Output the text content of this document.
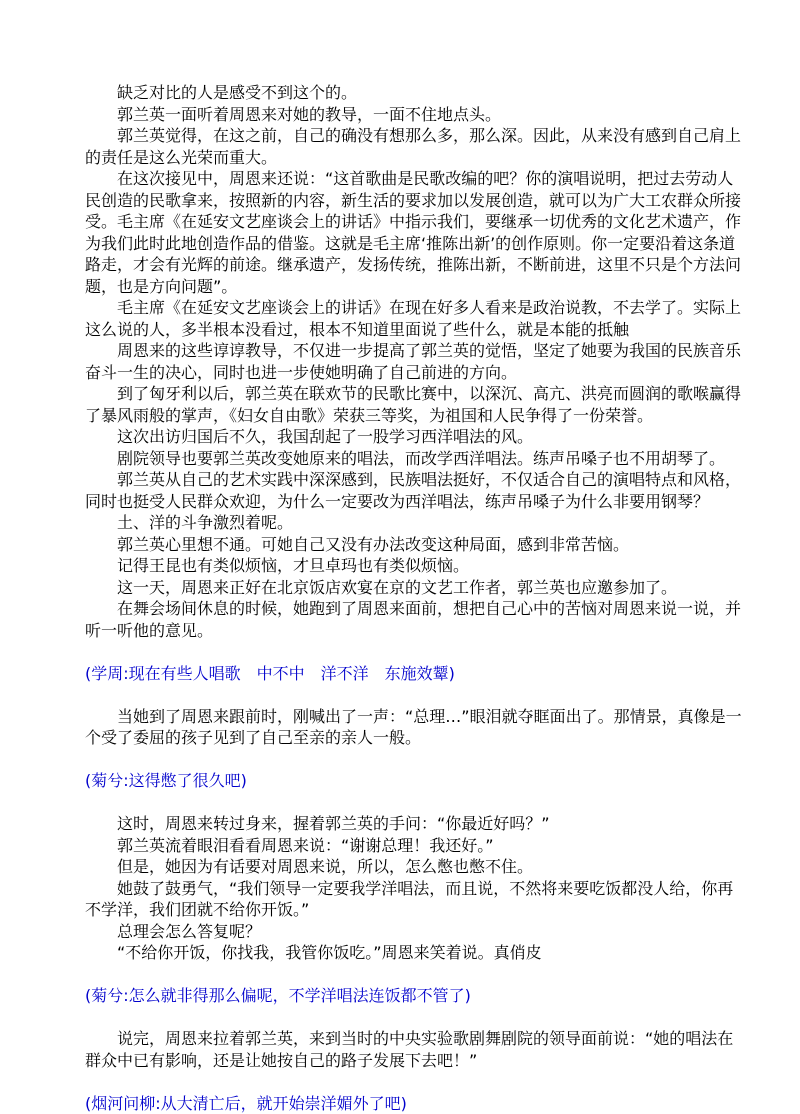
缺乏对比的人是感受不到这个的。

郭兰英一面听着周恩来对她的教导，一面不住地点头。

郭兰英觉得，在这之前，自己的确没有想那么多，那么深。因此，从来没有感到自己肩上的责任是这么光荣而重大。

在这次接见中，周恩来还说：“这首歌曲是民歌改编的吧？你的演唱说明，把过去劳动人民创造的民歌拿来，按照新的内容，新生活的要求加以发展创造，就可以为广大工农群众所接受。毛主席《在延安文艺座谈会上的讲话》中指示我们，要继承一切优秀的文化艺术遗产，作为我们此时此地创造作品的借鉴。这就是毛主席‘推陈出新’的创作原则。你一定要沿着这条道路走，才会有光辉的前途。继承遗产，发扬传统，推陈出新，不断前进，这里不只是个方法问题，也是方向问题”。

毛主席《在延安文艺座谈会上的讲话》在现在好多人看来是政治说教，不去学了。实际上这么说的人，多半根本没看过，根本不知道里面说了些什么，就是本能的抵触

周恩来的这些谆谆教导，不仅进一步提高了郭兰英的觉悟，坚定了她要为我国的民族音乐奋斗一生的决心，同时也进一步使她明确了自己前进的方向。

到了匈牙利以后，郭兰英在联欢节的民歌比赛中，以深沉、高亢、洪亮而圆润的歌喉赢得了暴风雨般的掌声，《妇女自由歌》荣获三等奖，为祖国和人民争得了一份荣誉。

这次出访归国后不久，我国刮起了一股学习西洋唱法的风。

剧院领导也要郭兰英改变她原来的唱法，而改学西洋唱法。练声吊嗓子也不用胡琴了。

郭兰英从自己的艺术实践中深深感到，民族唱法挺好，不仅适合自己的演唱特点和风格，同时也挺受人民群众欢迎，为什么一定要改为西洋唱法，练声吊嗓子为什么非要用钢琴？

土、洋的斗争激烈着呢。

郭兰英心里想不通。可她自己又没有办法改变这种局面，感到非常苦恼。

记得王昆也有类似烦恼，才旦卓玛也有类似烦恼。

这一天，周恩来正好在北京饭店欢宴在京的文艺工作者，郭兰英也应邀参加了。

在舞会场间休息的时候，她跑到了周恩来面前，想把自己心中的苦恼对周恩来说一说，并听一听他的意见。

(学周:现在有些人唱歌　中不中　洋不洋　东施效颦)

当她到了周恩来跟前时，刚喊出了一声：“总理…”眼泪就夺眶面出了。那情景，真像是一个受了委屈的孩子见到了自己至亲的亲人一般。

(菊兮:这得憋了很久吧)

这时，周恩来转过身来，握着郭兰英的手问：“你最近好吗？”

郭兰英流着眼泪看看周恩来说：“谢谢总理！我还好。”

但是，她因为有话要对周恩来说，所以，怎么憋也憋不住。

她鼓了鼓勇气，“我们领导一定要我学洋唱法，而且说，不然将来要吃饭都没人给，你再不学洋，我们团就不给你开饭。”

总理会怎么答复呢？

“不给你开饭，你找我，我管你饭吃。”周恩来笑着说。真俏皮

(菊兮:怎么就非得那么偏呢，不学洋唱法连饭都不管了)

说完，周恩来拉着郭兰英，来到当时的中央实验歌剧舞剧院的领导面前说：“她的唱法在群众中已有影响，还是让她按自己的路子发展下去吧！”

(烟河问柳:从大清亡后，就开始崇洋媚外了吧)
